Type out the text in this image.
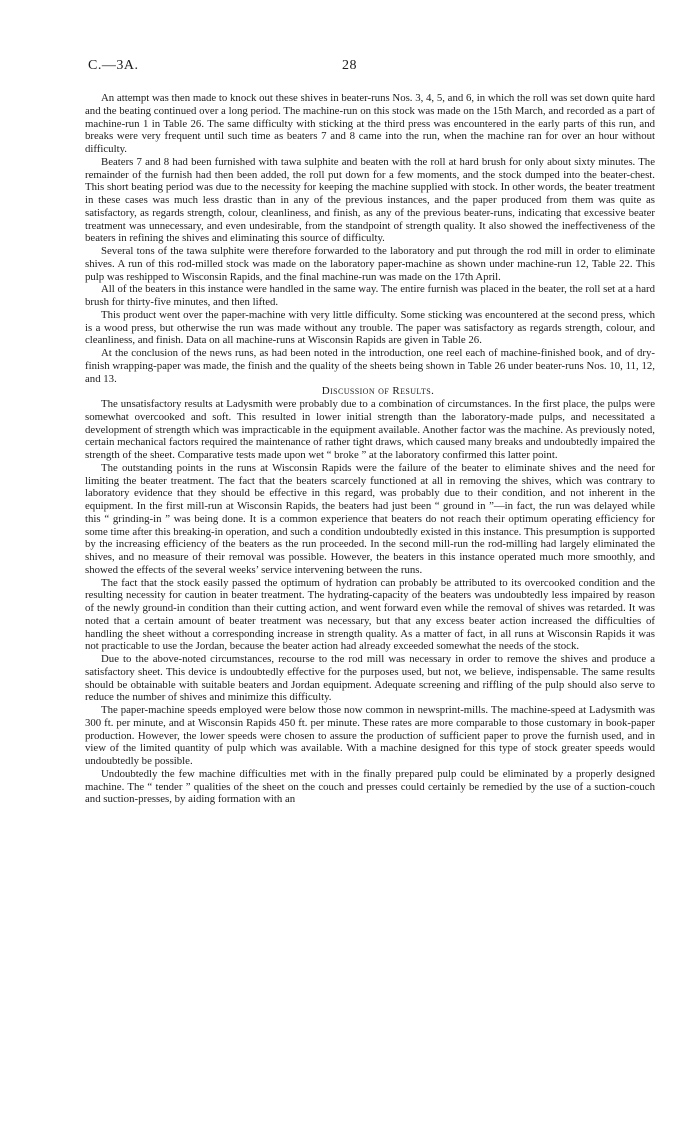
C.—3A.	28

An attempt was then made to knock out these shives in beater-runs Nos. 3, 4, 5, and 6, in which the roll was set down quite hard and the beating continued over a long period. The machine-run on this stock was made on the 15th March, and recorded as a part of machine-run 1 in Table 26. The same difficulty with sticking at the third press was encountered in the early parts of this run, and breaks were very frequent until such time as beaters 7 and 8 came into the run, when the machine ran for over an hour without difficulty.

Beaters 7 and 8 had been furnished with tawa sulphite and beaten with the roll at hard brush for only about sixty minutes. The remainder of the furnish had then been added, the roll put down for a few moments, and the stock dumped into the beater-chest. This short beating period was due to the necessity for keeping the machine supplied with stock. In other words, the beater treatment in these cases was much less drastic than in any of the previous instances, and the paper produced from them was quite as satisfactory, as regards strength, colour, cleanliness, and finish, as any of the previous beater-runs, indicating that excessive beater treatment was unnecessary, and even undesirable, from the standpoint of strength quality. It also showed the ineffectiveness of the beaters in refining the shives and eliminating this source of difficulty.

Several tons of the tawa sulphite were therefore forwarded to the laboratory and put through the rod mill in order to eliminate shives. A run of this rod-milled stock was made on the laboratory paper-machine as shown under machine-run 12, Table 22. This pulp was reshipped to Wisconsin Rapids, and the final machine-run was made on the 17th April.

All of the beaters in this instance were handled in the same way. The entire furnish was placed in the beater, the roll set at a hard brush for thirty-five minutes, and then lifted.

This product went over the paper-machine with very little difficulty. Some sticking was encountered at the second press, which is a wood press, but otherwise the run was made without any trouble. The paper was satisfactory as regards strength, colour, and cleanliness, and finish. Data on all machine-runs at Wisconsin Rapids are given in Table 26.

At the conclusion of the news runs, as had been noted in the introduction, one reel each of machine-finished book, and of dry-finish wrapping-paper was made, the finish and the quality of the sheets being shown in Table 26 under beater-runs Nos. 10, 11, 12, and 13.

Discussion of Results.

The unsatisfactory results at Ladysmith were probably due to a combination of circumstances. In the first place, the pulps were somewhat overcooked and soft. This resulted in lower initial strength than the laboratory-made pulps, and necessitated a development of strength which was impracticable in the equipment available. Another factor was the machine. As previously noted, certain mechanical factors required the maintenance of rather tight draws, which caused many breaks and undoubtedly impaired the strength of the sheet. Comparative tests made upon wet “ broke ” at the laboratory confirmed this latter point.

The outstanding points in the runs at Wisconsin Rapids were the failure of the beater to eliminate shives and the need for limiting the beater treatment. The fact that the beaters scarcely functioned at all in removing the shives, which was contrary to laboratory evidence that they should be effective in this regard, was probably due to their condition, and not inherent in the equipment. In the first mill-run at Wisconsin Rapids, the beaters had just been “ ground in ”—in fact, the run was delayed while this “ grinding-in ” was being done. It is a common experience that beaters do not reach their optimum operating efficiency for some time after this breaking-in operation, and such a condition undoubtedly existed in this instance. This presumption is supported by the increasing efficiency of the beaters as the run proceeded. In the second mill-run the rod-milling had largely eliminated the shives, and no measure of their removal was possible. However, the beaters in this instance operated much more smoothly, and showed the effects of the several weeks’ service intervening between the runs.

The fact that the stock easily passed the optimum of hydration can probably be attributed to its overcooked condition and the resulting necessity for caution in beater treatment. The hydrating-capacity of the beaters was undoubtedly less impaired by reason of the newly ground-in condition than their cutting action, and went forward even while the removal of shives was retarded. It was noted that a certain amount of beater treatment was necessary, but that any excess beater action increased the difficulties of handling the sheet without a corresponding increase in strength quality. As a matter of fact, in all runs at Wisconsin Rapids it was not practicable to use the Jordan, because the beater action had already exceeded somewhat the needs of the stock.

Due to the above-noted circumstances, recourse to the rod mill was necessary in order to remove the shives and produce a satisfactory sheet. This device is undoubtedly effective for the purposes used, but not, we believe, indispensable. The same results should be obtainable with suitable beaters and Jordan equipment. Adequate screening and riffling of the pulp should also serve to reduce the number of shives and minimize this difficulty.

The paper-machine speeds employed were below those now common in newsprint-mills. The machine-speed at Ladysmith was 300 ft. per minute, and at Wisconsin Rapids 450 ft. per minute. These rates are more comparable to those customary in book-paper production. However, the lower speeds were chosen to assure the production of sufficient paper to prove the furnish used, and in view of the limited quantity of pulp which was available. With a machine designed for this type of stock greater speeds would undoubtedly be possible.

Undoubtedly the few machine difficulties met with in the finally prepared pulp could be eliminated by a properly designed machine. The “ tender ” qualities of the sheet on the couch and presses could certainly be remedied by the use of a suction-couch and suction-presses, by aiding formation with an
